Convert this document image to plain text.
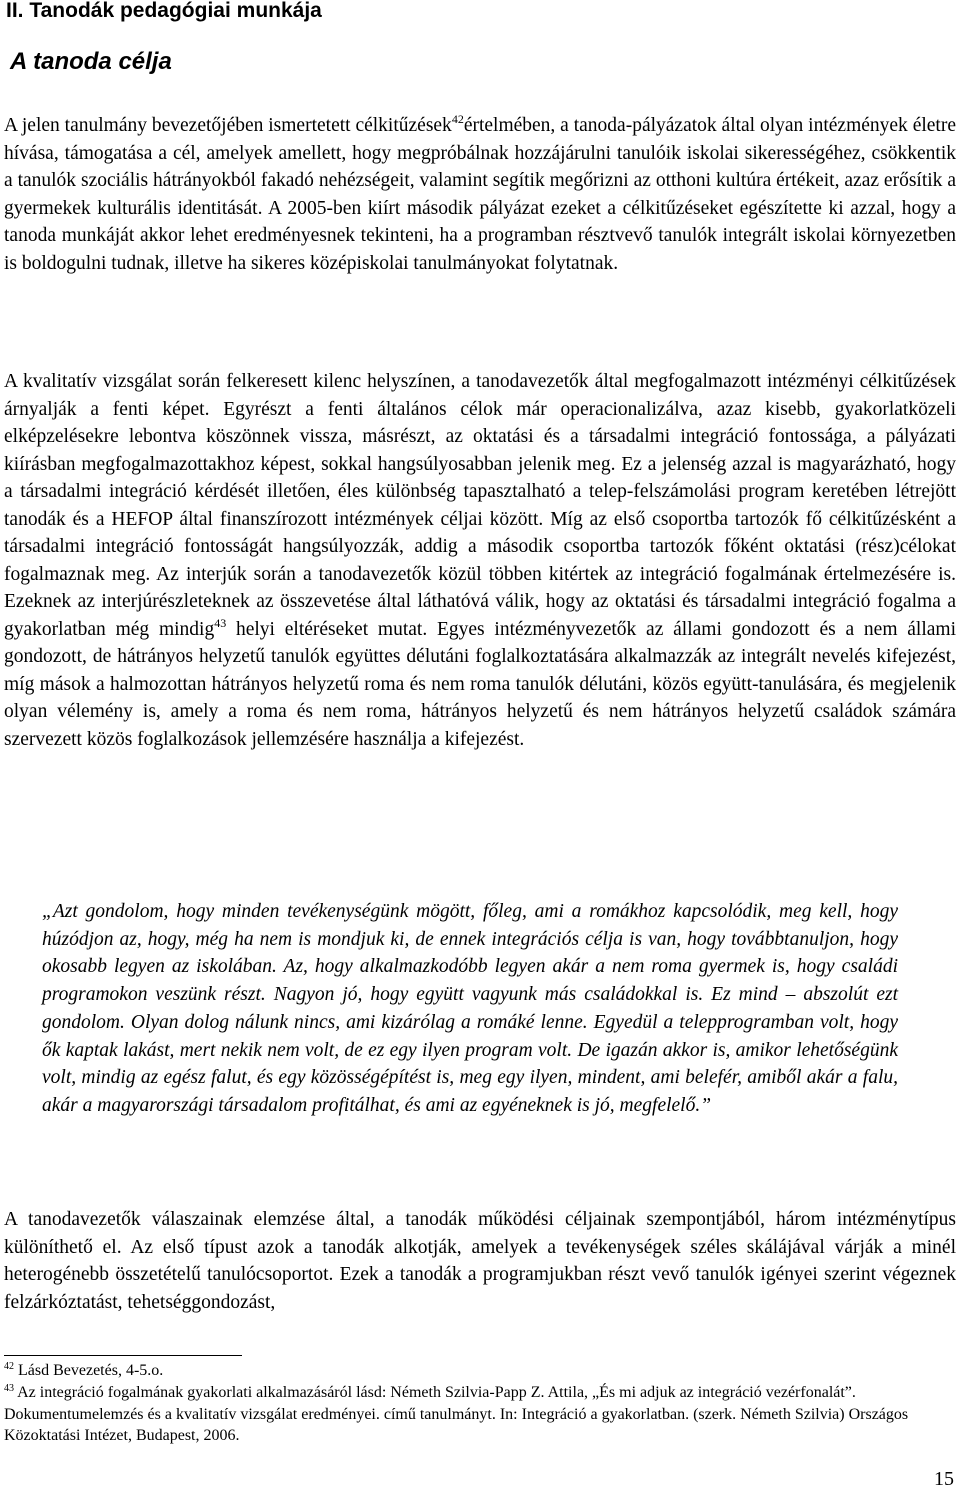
II. Tanodák pedagógiai munkája
A tanoda célja

A jelen tanulmány bevezetőjében ismertetett célkitűzések$^{42}$értelmében, a tanoda-pályázatok által olyan intézmények életre hívása, támogatása a cél, amelyek amellett, hogy megpróbálnak hozzájárulni tanulóik iskolai sikerességéhez, csökkentik a tanulók szociális hátrányokból fakadó nehézségeit, valamint segítik megőrizni az otthoni kultúra értékeit, azaz erősítik a gyermekek kulturális identitását. A 2005-ben kiírt második pályázat ezeket a célkitűzéseket egészítette ki azzal, hogy a tanoda munkáját akkor lehet eredményesnek tekinteni, ha a programban résztvevő tanulók integrált iskolai környezetben is boldogulni tudnak, illetve ha sikeres középiskolai tanulmányokat folytatnak.

A kvalitatív vizsgálat során felkeresett kilenc helyszínen, a tanodavezetők által megfogalmazott intézményi célkitűzések árnyalják a fenti képet. Egyrészt a fenti általános célok már operacionalizálva, azaz kisebb, gyakorlatközeli elképzelésekre lebontva köszönnek vissza, másrészt, az oktatási és a társadalmi integráció fontossága, a pályázati kiírásban megfogalmazottakhoz képest, sokkal hangsúlyosabban jelenik meg. Ez a jelenség azzal is magyarázható, hogy a társadalmi integráció kérdését illetően, éles különbség tapasztalható a telep-felszámolási program keretében létrejött tanodák és a HEFOP által finanszírozott intézmények céljai között. Míg az első csoportba tartozók fő célkitűzésként a társadalmi integráció fontosságát hangsúlyozzák, addig a második csoportba tartozók főként oktatási (rész)célokat fogalmaznak meg. Az interjúk során a tanodavezetők közül többen kitértek az integráció fogalmának értelmezésére is. Ezeknek az interjúrészleteknek az összevetése által láthatóvá válik, hogy az oktatási és társadalmi integráció fogalma a gyakorlatban még mindig$^{43}$ helyi eltéréseket mutat. Egyes intézményvezetők az állami gondozott és a nem állami gondozott, de hátrányos helyzetű tanulók együttes délutáni foglalkoztatására alkalmazzák az integrált nevelés kifejezést, míg mások a halmozottan hátrányos helyzetű roma és nem roma tanulók délutáni, közös együtt-tanulására, és megjelenik olyan vélemény is, amely a roma és nem roma, hátrányos helyzetű és nem hátrányos helyzetű családok számára szervezett közös foglalkozások jellemzésére használja a kifejezést.

„Azt gondolom, hogy minden tevékenységünk mögött, főleg, ami a romákhoz kapcsolódik, meg kell, hogy húzódjon az, hogy, még ha nem is mondjuk ki, de ennek integrációs célja is van, hogy továbbtanuljon, hogy okosabb legyen az iskolában. Az, hogy alkalmazkodóbb legyen akár a nem roma gyermek is, hogy családi programokon veszünk részt. Nagyon jó, hogy együtt vagyunk más családokkal is. Ez mind – abszolút ezt gondolom. Olyan dolog nálunk nincs, ami kizárólag a romáké lenne. Egyedül a telepprogramban volt, hogy ők kaptak lakást, mert nekik nem volt, de ez egy ilyen program volt. De igazán akkor is, amikor lehetőségünk volt, mindig az egész falut, és egy közösségépítést is, meg egy ilyen, mindent, ami belefér, amiből akár a falu, akár a magyarországi társadalom profitálhat, és ami az egyéneknek is jó, megfelelő.”

A tanodavezetők válaszainak elemzése által, a tanodák működési céljainak szempontjából, három intézménytípus különíthető el. Az első típust azok a tanodák alkotják, amelyek a tevékenységek széles skálájával várják a minél heterogénebb összetételű tanulócsoportot. Ezek a tanodák a programjukban részt vevő tanulók igényei szerint végeznek felzárkóztatást, tehetséggondozást,

$^{42}$ Lásd Bevezetés, 4-5.o.
$^{43}$ Az integráció fogalmának gyakorlati alkalmazásáról lásd: Németh Szilvia-Papp Z. Attila, „És mi adjuk az integráció vezérfonalát”. Dokumentumelemzés és a kvalitatív vizsgálat eredményei. című tanulmányt. In: Integráció a gyakorlatban. (szerk. Németh Szilvia) Országos Közoktatási Intézet, Budapest, 2006.
15
